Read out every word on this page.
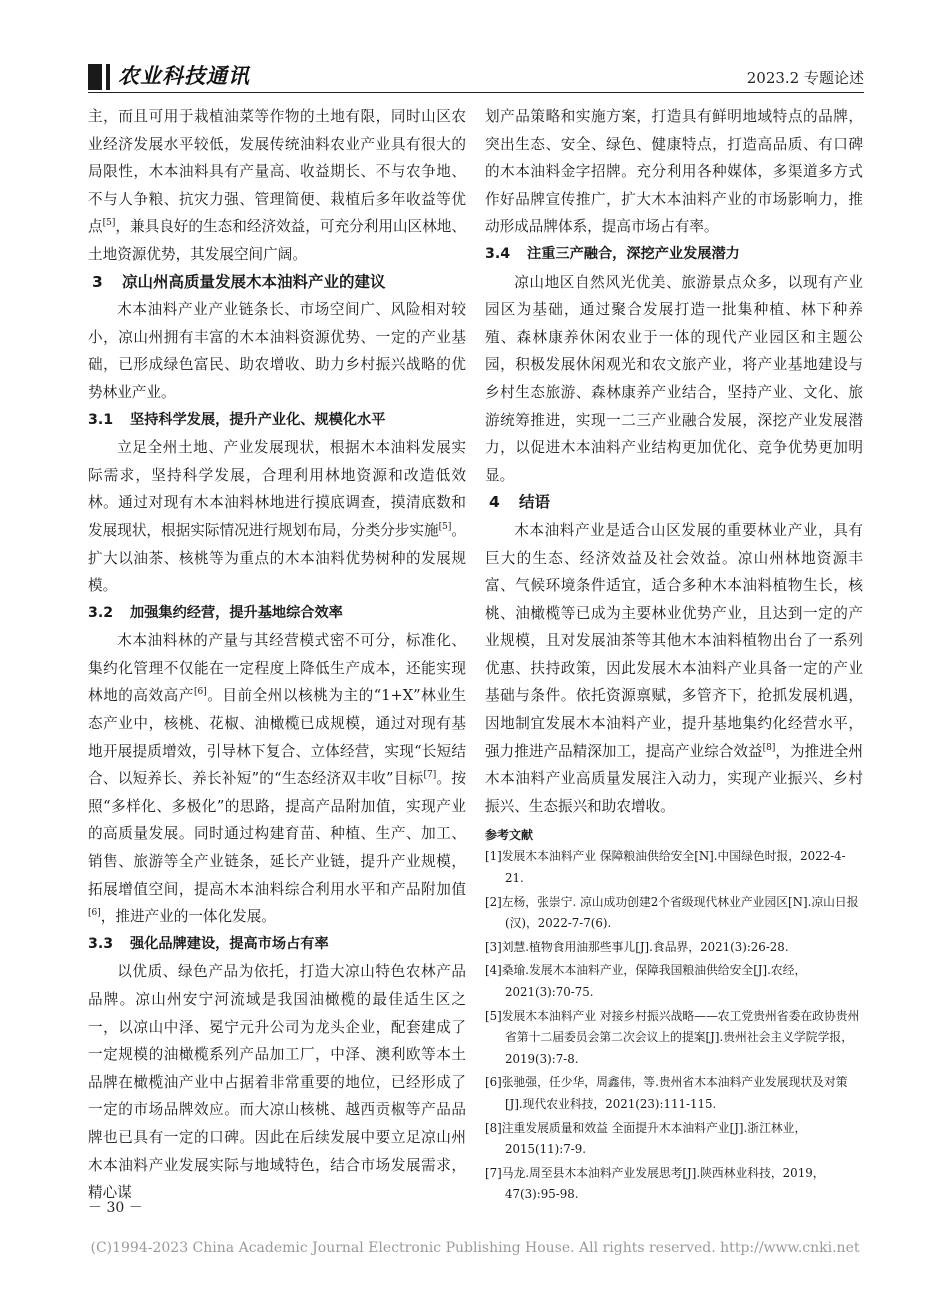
农业科技通讯	2023.2 专题论述

主，而且可用于栽植油菜等作物的土地有限，同时山区农业经济发展水平较低，发展传统油料农业产业具有很大的局限性，木本油料具有产量高、收益期长、不与农争地、不与人争粮、抗灾力强、管理简便、栽植后多年收益等优点[5]，兼具良好的生态和经济效益，可充分利用山区林地、土地资源优势，其发展空间广阔。

3 凉山州高质量发展木本油料产业的建议

木本油料产业产业链条长、市场空间广、风险相对较小，凉山州拥有丰富的木本油料资源优势、一定的产业基础，已形成绿色富民、助农增收、助力乡村振兴战略的优势林业产业。

3.1 坚持科学发展，提升产业化、规模化水平

立足全州土地、产业发展现状，根据木本油料发展实际需求，坚持科学发展，合理利用林地资源和改造低效林。通过对现有木本油料林地进行摸底调查，摸清底数和发展现状，根据实际情况进行规划布局，分类分步实施[5]。扩大以油茶、核桃等为重点的木本油料优势树种的发展规模。

3.2 加强集约经营，提升基地综合效率

木本油料林的产量与其经营模式密不可分，标准化、集约化管理不仅能在一定程度上降低生产成本，还能实现林地的高效高产[6]。目前全州以核桃为主的“1+X”林业生态产业中，核桃、花椒、油橄榄已成规模，通过对现有基地开展提质增效，引导林下复合、立体经营，实现“长短结合、以短养长、养长补短”的“生态经济双丰收”目标[7]。按照“多样化、多极化”的思路，提高产品附加值，实现产业的高质量发展。同时通过构建育苗、种植、生产、加工、销售、旅游等全产业链条，延长产业链，提升产业规模，拓展增值空间，提高木本油料综合利用水平和产品附加值[6]，推进产业的一体化发展。

3.3 强化品牌建设，提高市场占有率

以优质、绿色产品为依托，打造大凉山特色农林产品品牌。凉山州安宁河流域是我国油橄榄的最佳适生区之一，以凉山中泽、冕宁元升公司为龙头企业，配套建成了一定规模的油橄榄系列产品加工厂，中泽、澳利欧等本土品牌在橄榄油产业中占据着非常重要的地位，已经形成了一定的市场品牌效应。而大凉山核桃、越西贡椒等产品品牌也已具有一定的口碑。因此在后续发展中要立足凉山州木本油料产业发展实际与地域特色，结合市场发展需求，精心谋

划产品策略和实施方案，打造具有鲜明地域特点的品牌，突出生态、安全、绿色、健康特点，打造高品质、有口碑的木本油料金字招牌。充分利用各种媒体，多渠道多方式作好品牌宣传推广，扩大木本油料产业的市场影响力，推动形成品牌体系，提高市场占有率。

3.4 注重三产融合，深挖产业发展潜力

凉山地区自然风光优美、旅游景点众多，以现有产业园区为基础，通过聚合发展打造一批集种植、林下种养殖、森林康养休闲农业于一体的现代产业园区和主题公园，积极发展休闲观光和农文旅产业，将产业基地建设与乡村生态旅游、森林康养产业结合，坚持产业、文化、旅游统筹推进，实现一二三产业融合发展，深挖产业发展潜力，以促进木本油料产业结构更加优化、竞争优势更加明显。

4 结语

木本油料产业是适合山区发展的重要林业产业，具有巨大的生态、经济效益及社会效益。凉山州林地资源丰富、气候环境条件适宜，适合多种木本油料植物生长，核桃、油橄榄等已成为主要林业优势产业，且达到一定的产业规模，且对发展油茶等其他木本油料植物出台了一系列优惠、扶持政策，因此发展木本油料产业具备一定的产业基础与条件。依托资源禀赋，多管齐下，抢抓发展机遇，因地制宜发展木本油料产业，提升基地集约化经营水平，强力推进产品精深加工，提高产业综合效益[8]，为推进全州木本油料产业高质量发展注入动力，实现产业振兴、乡村振兴、生态振兴和助农增收。

参考文献
[1]发展木本油料产业 保障粮油供给安全[N].中国绿色时报，2022-4-21.
[2]左杨，张崇宁. 凉山成功创建2个省级现代林业产业园区[N].凉山日报(汉)，2022-7-7(6).
[3]刘慧.植物食用油那些事儿[J].食品界，2021(3):26-28.
[4]桑瑜.发展木本油料产业，保障我国粮油供给安全[J].农经，2021(3):70-75.
[5]发展木本油料产业 对接乡村振兴战略——农工党贵州省委在政协贵州省第十二届委员会第二次会议上的提案[J].贵州社会主义学院学报，2019(3):7-8.
[6]张驰强，任少华，周鑫伟，等.贵州省木本油料产业发展现状及对策[J].现代农业科技，2021(23):111-115.
[8]注重发展质量和效益 全面提升木本油料产业[J].浙江林业，2015(11):7-9.
[7]马龙.周至县木本油料产业发展思考[J].陕西林业科技，2019，47(3):95-98.
－ 30 －
(C)1994-2023 China Academic Journal Electronic Publishing House. All rights reserved. http://www.cnki.net
